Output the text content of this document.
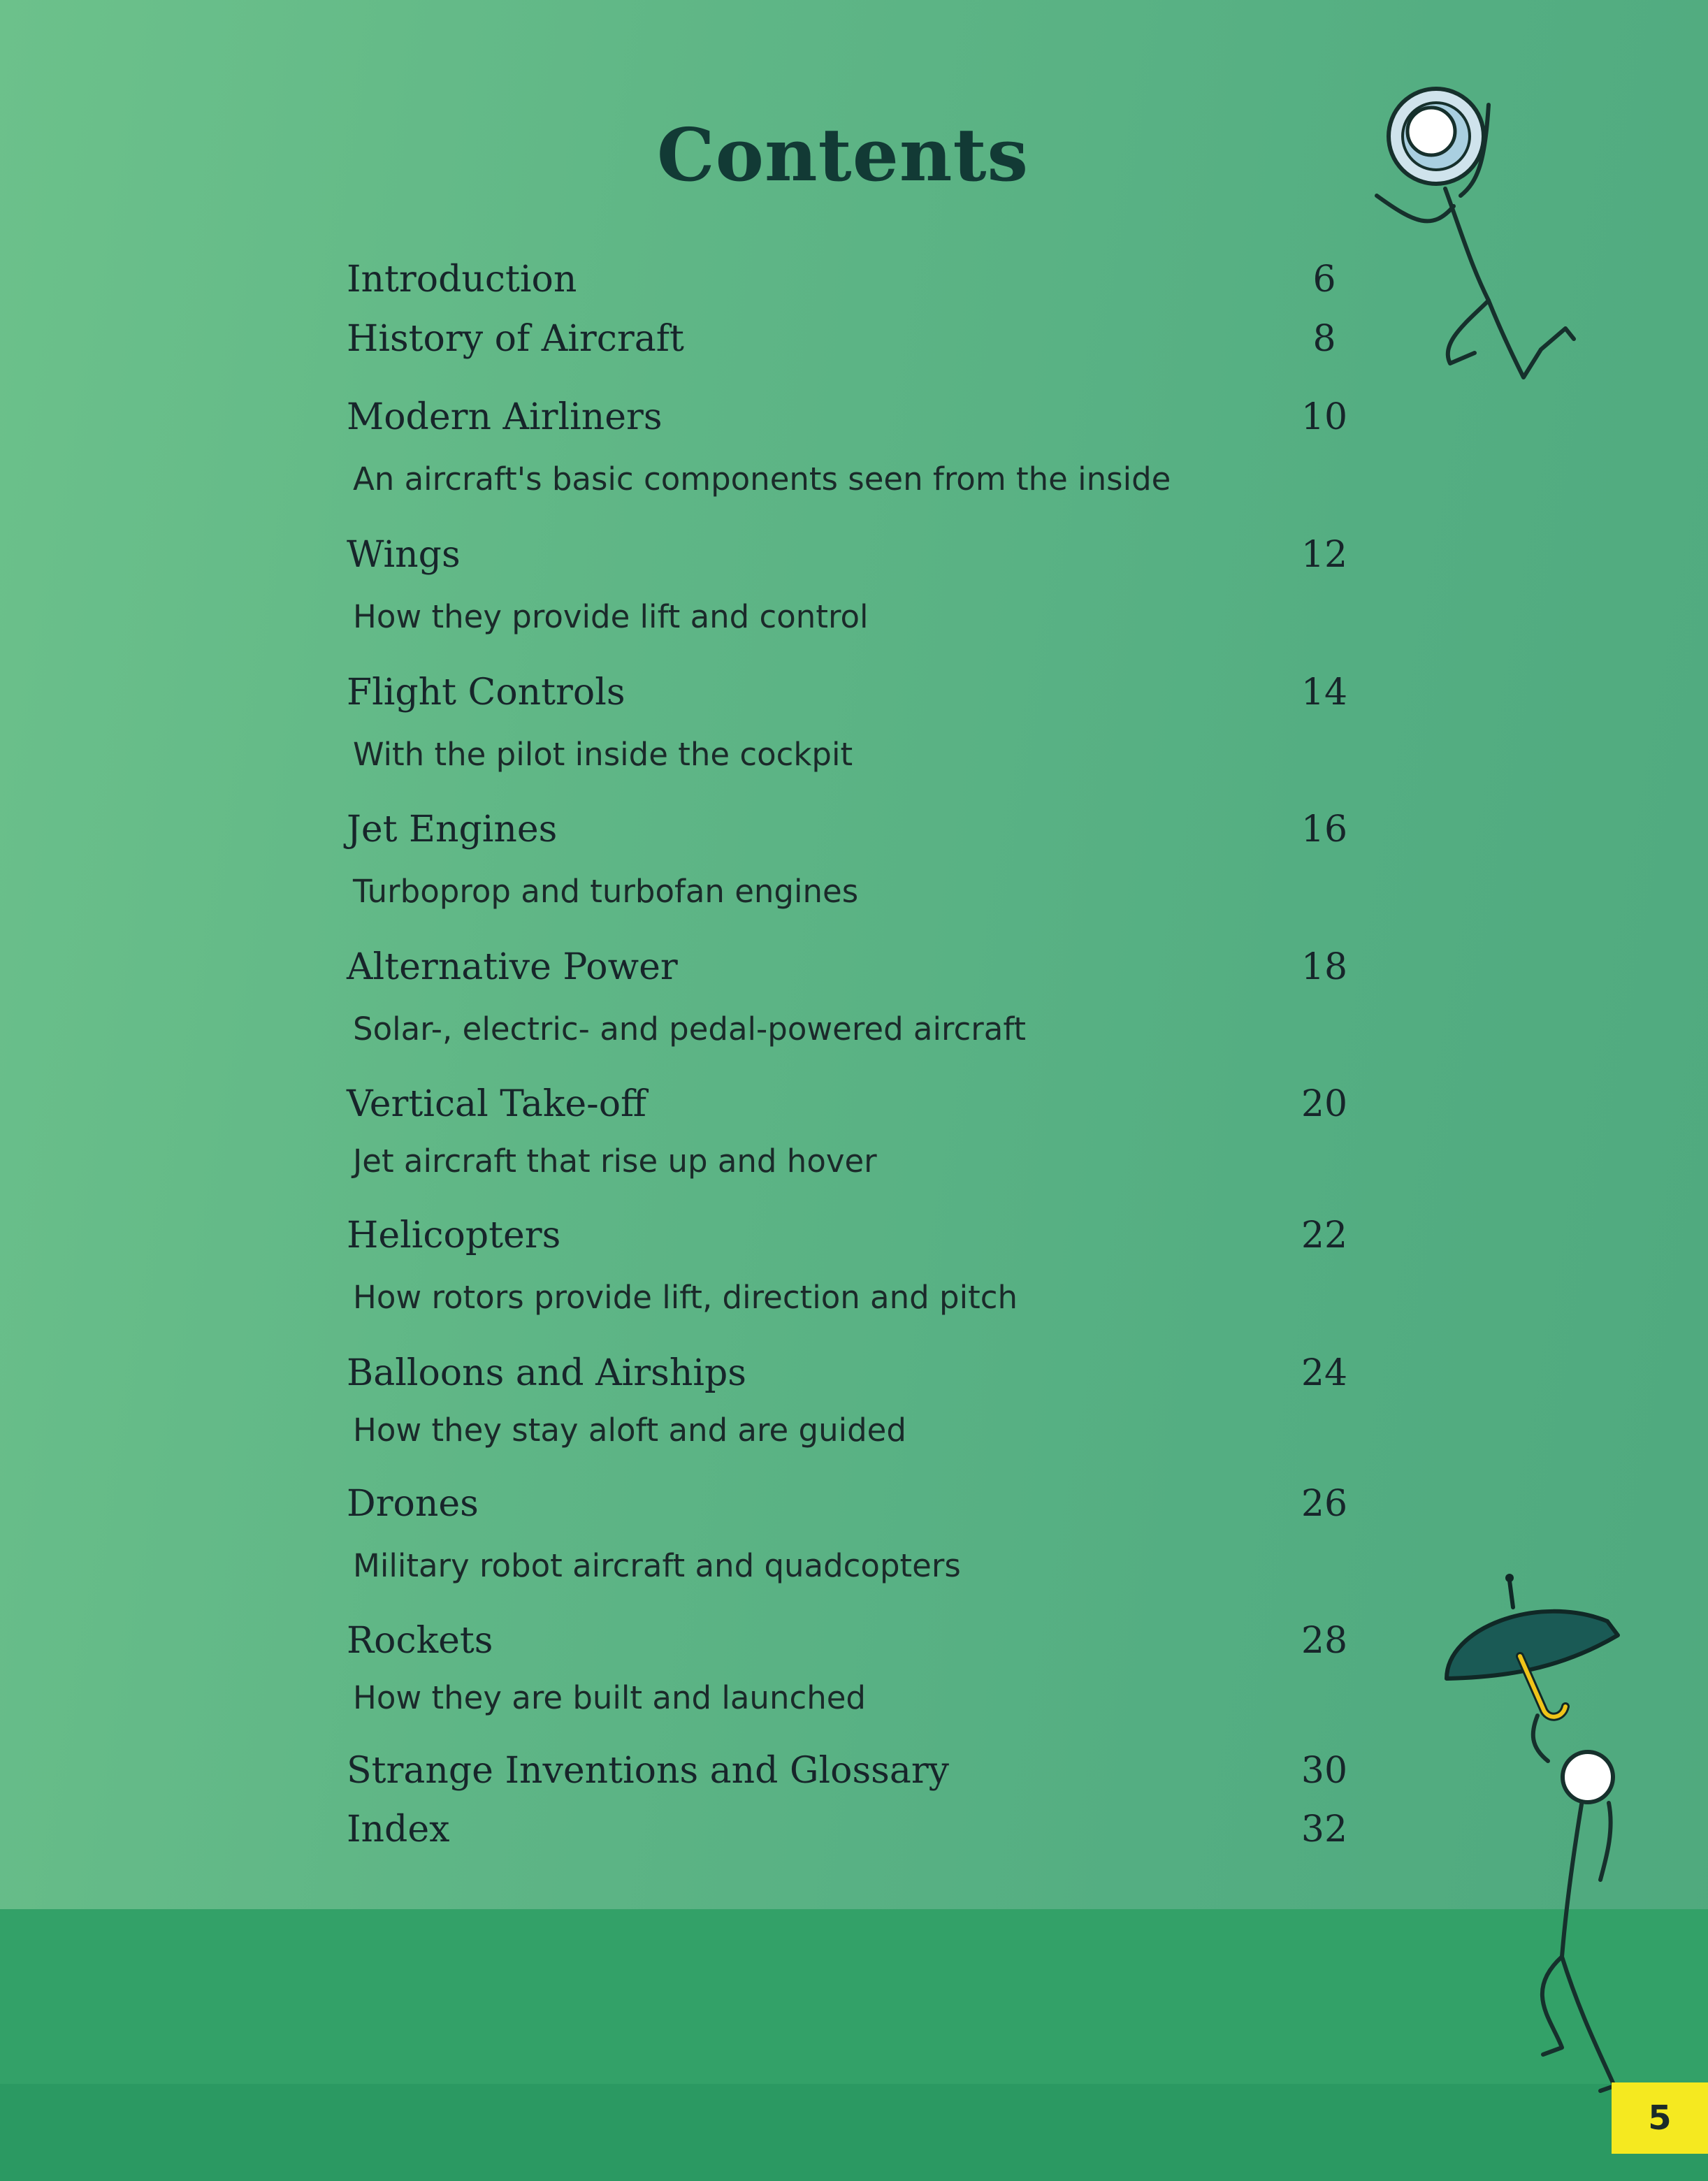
Contents
Introduction	6
History of Aircraft	8
Modern Airliners	10
An aircraft's basic components seen from the inside
Wings	12
How they provide lift and control
Flight Controls	14
With the pilot inside the cockpit
Jet Engines	16
Turboprop and turbofan engines
Alternative Power	18
Solar-, electric- and pedal-powered aircraft
Vertical Take-off	20
Jet aircraft that rise up and hover
Helicopters	22
How rotors provide lift, direction and pitch
Balloons and Airships	24
How they stay aloft and are guided
Drones	26
Military robot aircraft and quadcopters
Rockets	28
How they are built and launched
Strange Inventions and Glossary	30
Index	32
5
